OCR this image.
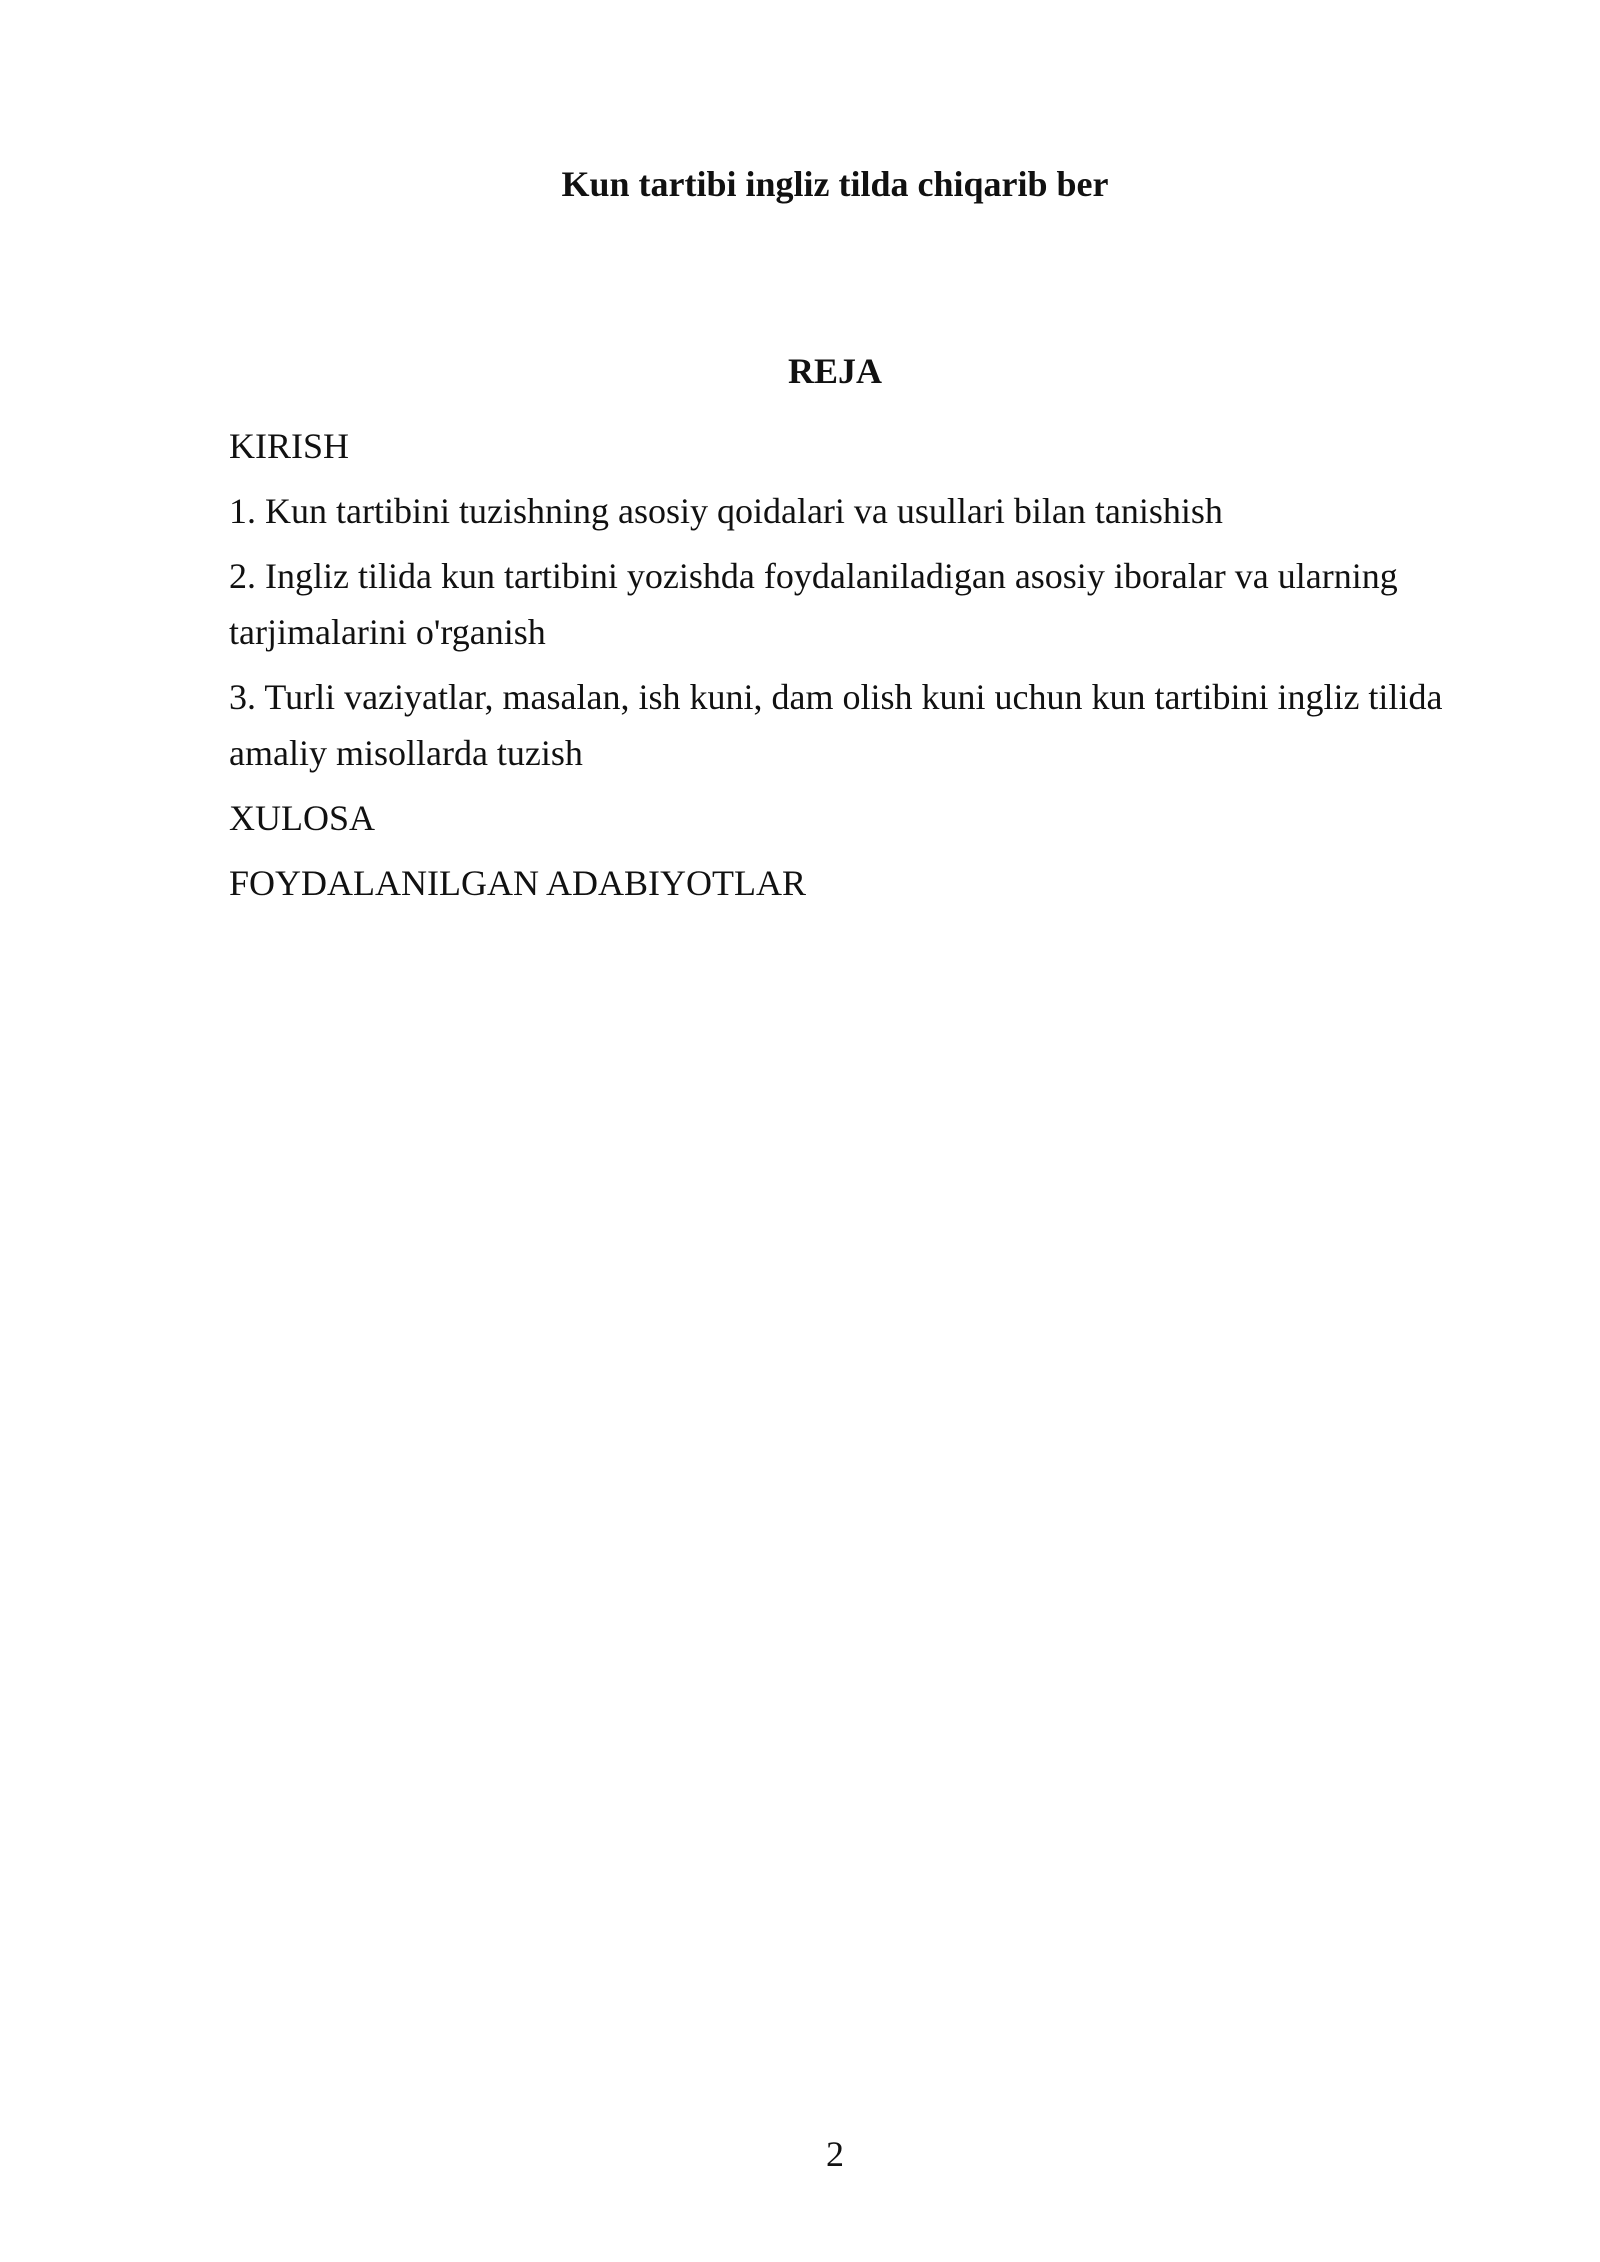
Kun tartibi ingliz tilda chiqarib ber
REJA
KIRISH
1. Kun tartibini tuzishning asosiy qoidalari va usullari bilan tanishish
2. Ingliz tilida kun tartibini yozishda foydalaniladigan asosiy iboralar va ularning tarjimalarini o'rganish
3. Turli vaziyatlar, masalan, ish kuni, dam olish kuni uchun kun tartibini ingliz tilida amaliy misollarda tuzish
XULOSA
FOYDALANILGAN ADABIYOTLAR
2
